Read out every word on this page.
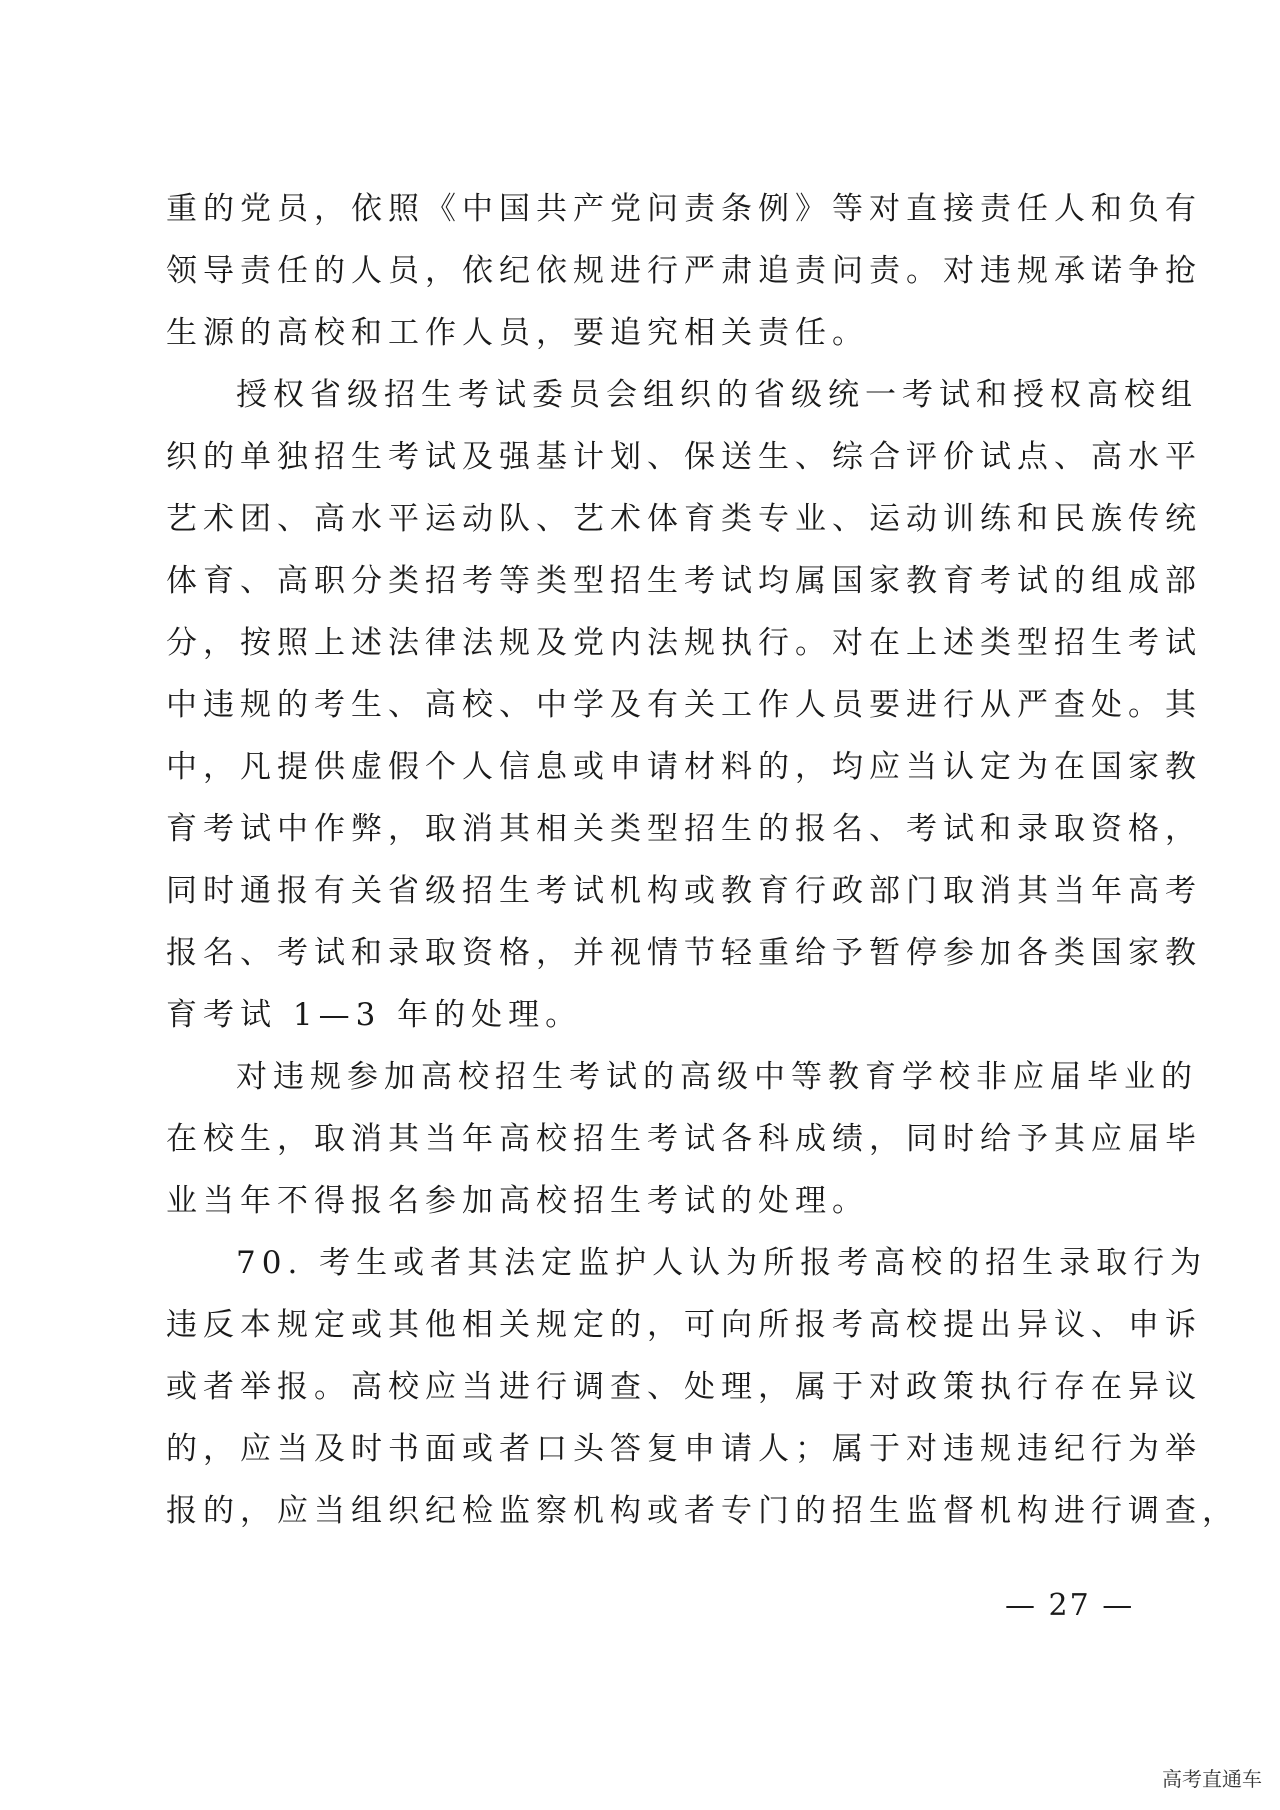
重的党员，依照《中国共产党问责条例》等对直接责任人和负有
领导责任的人员，依纪依规进行严肃追责问责。对违规承诺争抢
生源的高校和工作人员，要追究相关责任。
授权省级招生考试委员会组织的省级统一考试和授权高校组
织的单独招生考试及强基计划、保送生、综合评价试点、高水平
艺术团、高水平运动队、艺术体育类专业、运动训练和民族传统
体育、高职分类招考等类型招生考试均属国家教育考试的组成部
分，按照上述法律法规及党内法规执行。对在上述类型招生考试
中违规的考生、高校、中学及有关工作人员要进行从严查处。其
中，凡提供虚假个人信息或申请材料的，均应当认定为在国家教
育考试中作弊，取消其相关类型招生的报名、考试和录取资格，
同时通报有关省级招生考试机构或教育行政部门取消其当年高考
报名、考试和录取资格，并视情节轻重给予暂停参加各类国家教
育考试 1—3 年的处理。
对违规参加高校招生考试的高级中等教育学校非应届毕业的
在校生，取消其当年高校招生考试各科成绩，同时给予其应届毕
业当年不得报名参加高校招生考试的处理。
70. 考生或者其法定监护人认为所报考高校的招生录取行为
违反本规定或其他相关规定的，可向所报考高校提出异议、申诉
或者举报。高校应当进行调查、处理，属于对政策执行存在异议
的，应当及时书面或者口头答复申请人；属于对违规违纪行为举
报的，应当组织纪检监察机构或者专门的招生监督机构进行调查，
— 27 —
高考直通车
